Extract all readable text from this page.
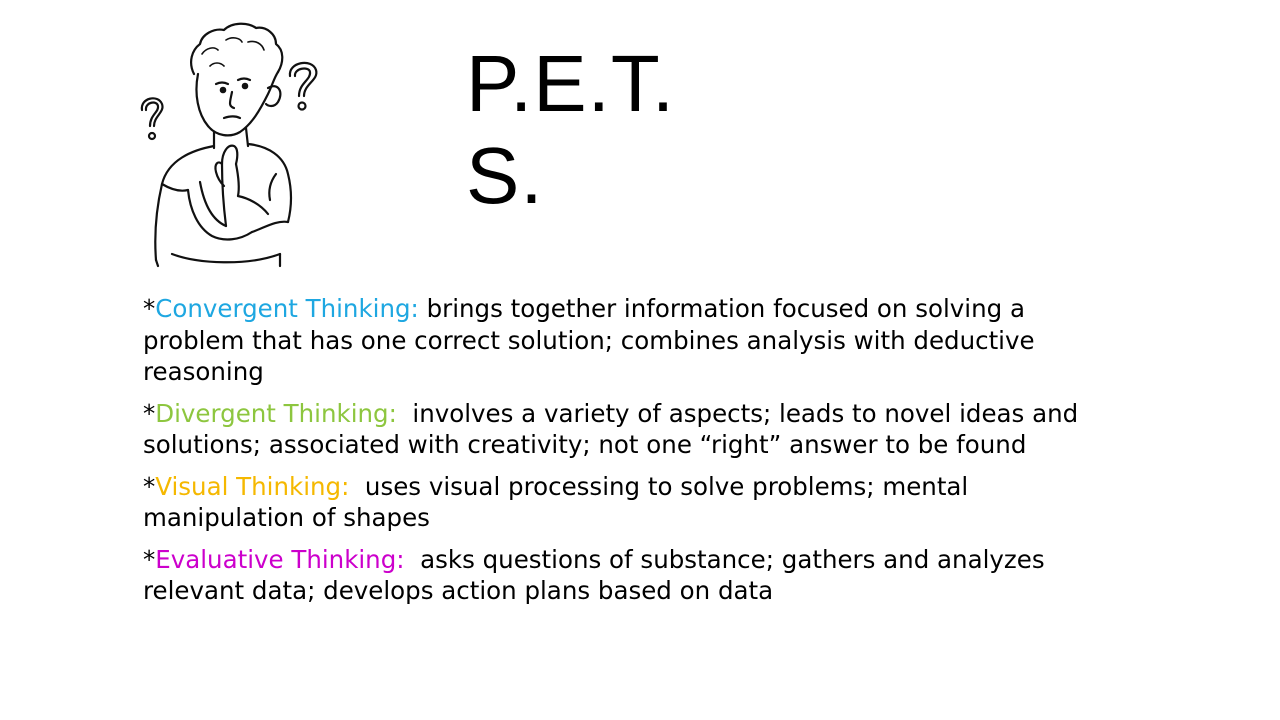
P.E.T.S.
*Convergent Thinking: brings together information focused on solving a problem that has one correct solution; combines analysis with deductive reasoning
*Divergent Thinking:  involves a variety of aspects; leads to novel ideas and solutions; associated with creativity; not one “right” answer to be found
*Visual Thinking:  uses visual processing to solve problems; mental manipulation of shapes
*Evaluative Thinking:  asks questions of substance; gathers and analyzes relevant data; develops action plans based on data
